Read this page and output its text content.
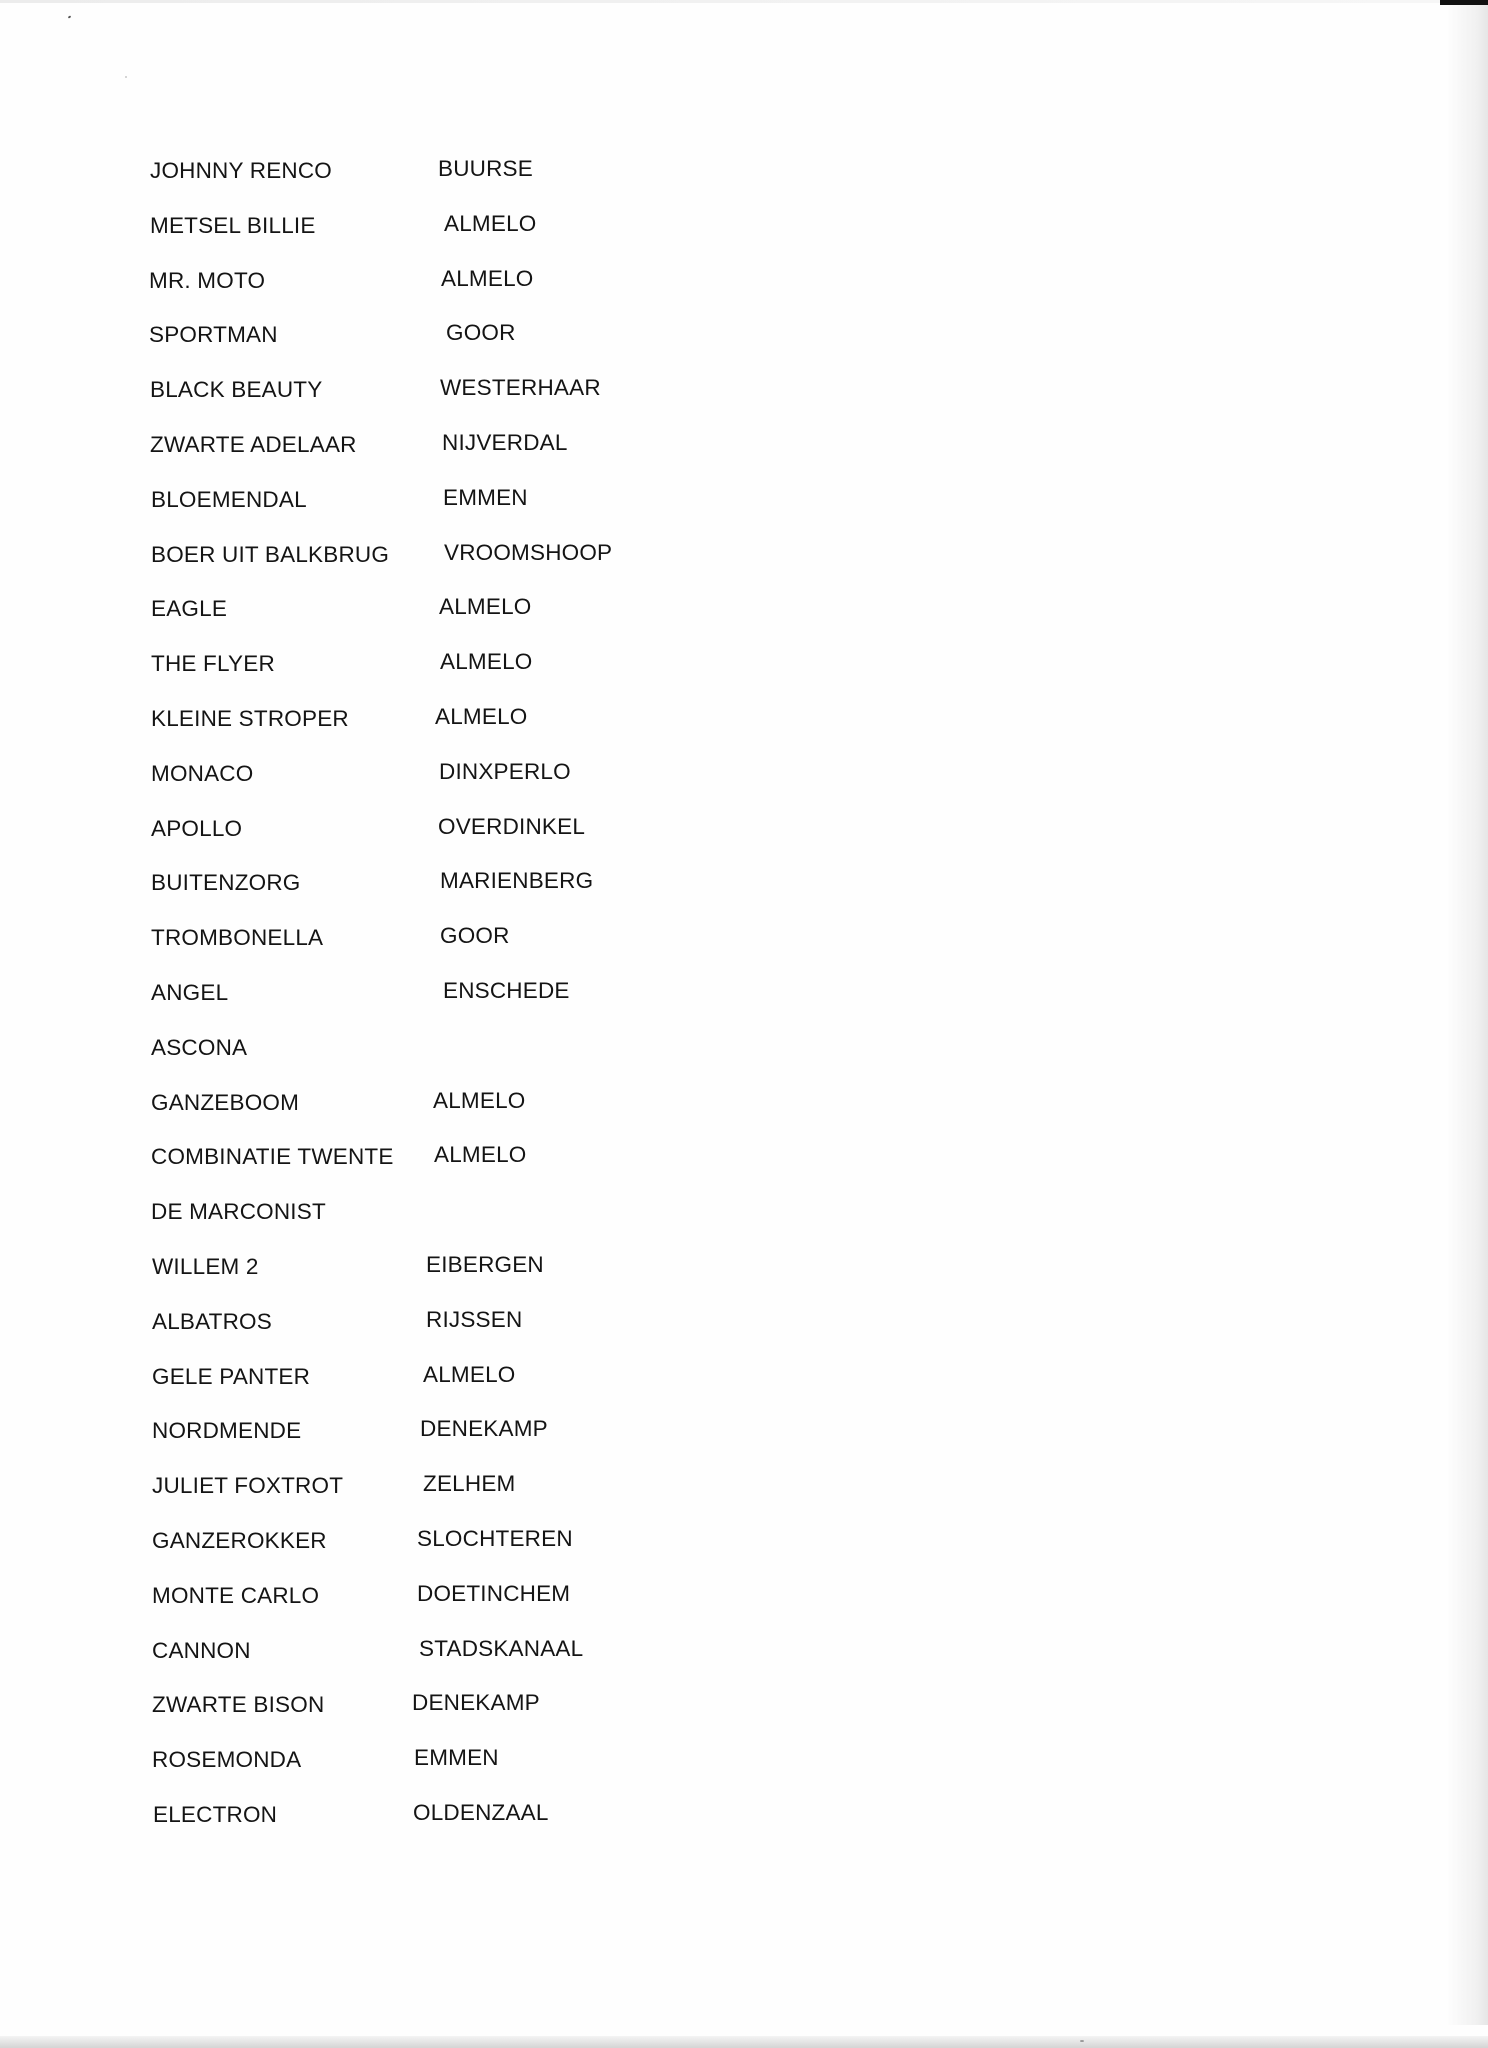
JOHNNY RENCO	BUURSE
METSEL BILLIE	ALMELO
MR. MOTO	ALMELO
SPORTMAN	GOOR
BLACK BEAUTY	WESTERHAAR
ZWARTE ADELAAR	NIJVERDAL
BLOEMENDAL	EMMEN
BOER UIT BALKBRUG VROOMSHOOP
EAGLE	ALMELO
THE FLYER	ALMELO
KLEINE STROPER	ALMELO
MONACO	DINXPERLO
APOLLO	OVERDINKEL
BUITENZORG	MARIENBERG
TROMBONELLA	GOOR
ANGEL	ENSCHEDE
ASCONA
GANZEBOOM	ALMELO
COMBINATIE TWENTE ALMELO
DE MARCONIST
WILLEM 2	EIBERGEN
ALBATROS	RIJSSEN
GELE PANTER	ALMELO
NORDMENDE	DENEKAMP
JULIET FOXTROT	ZELHEM
GANZEROKKER	SLOCHTEREN
MONTE CARLO	DOETINCHEM
CANNON	STADSKANAAL
ZWARTE BISON	DENEKAMP
ROSEMONDA	EMMEN
ELECTRON	OLDENZAAL
